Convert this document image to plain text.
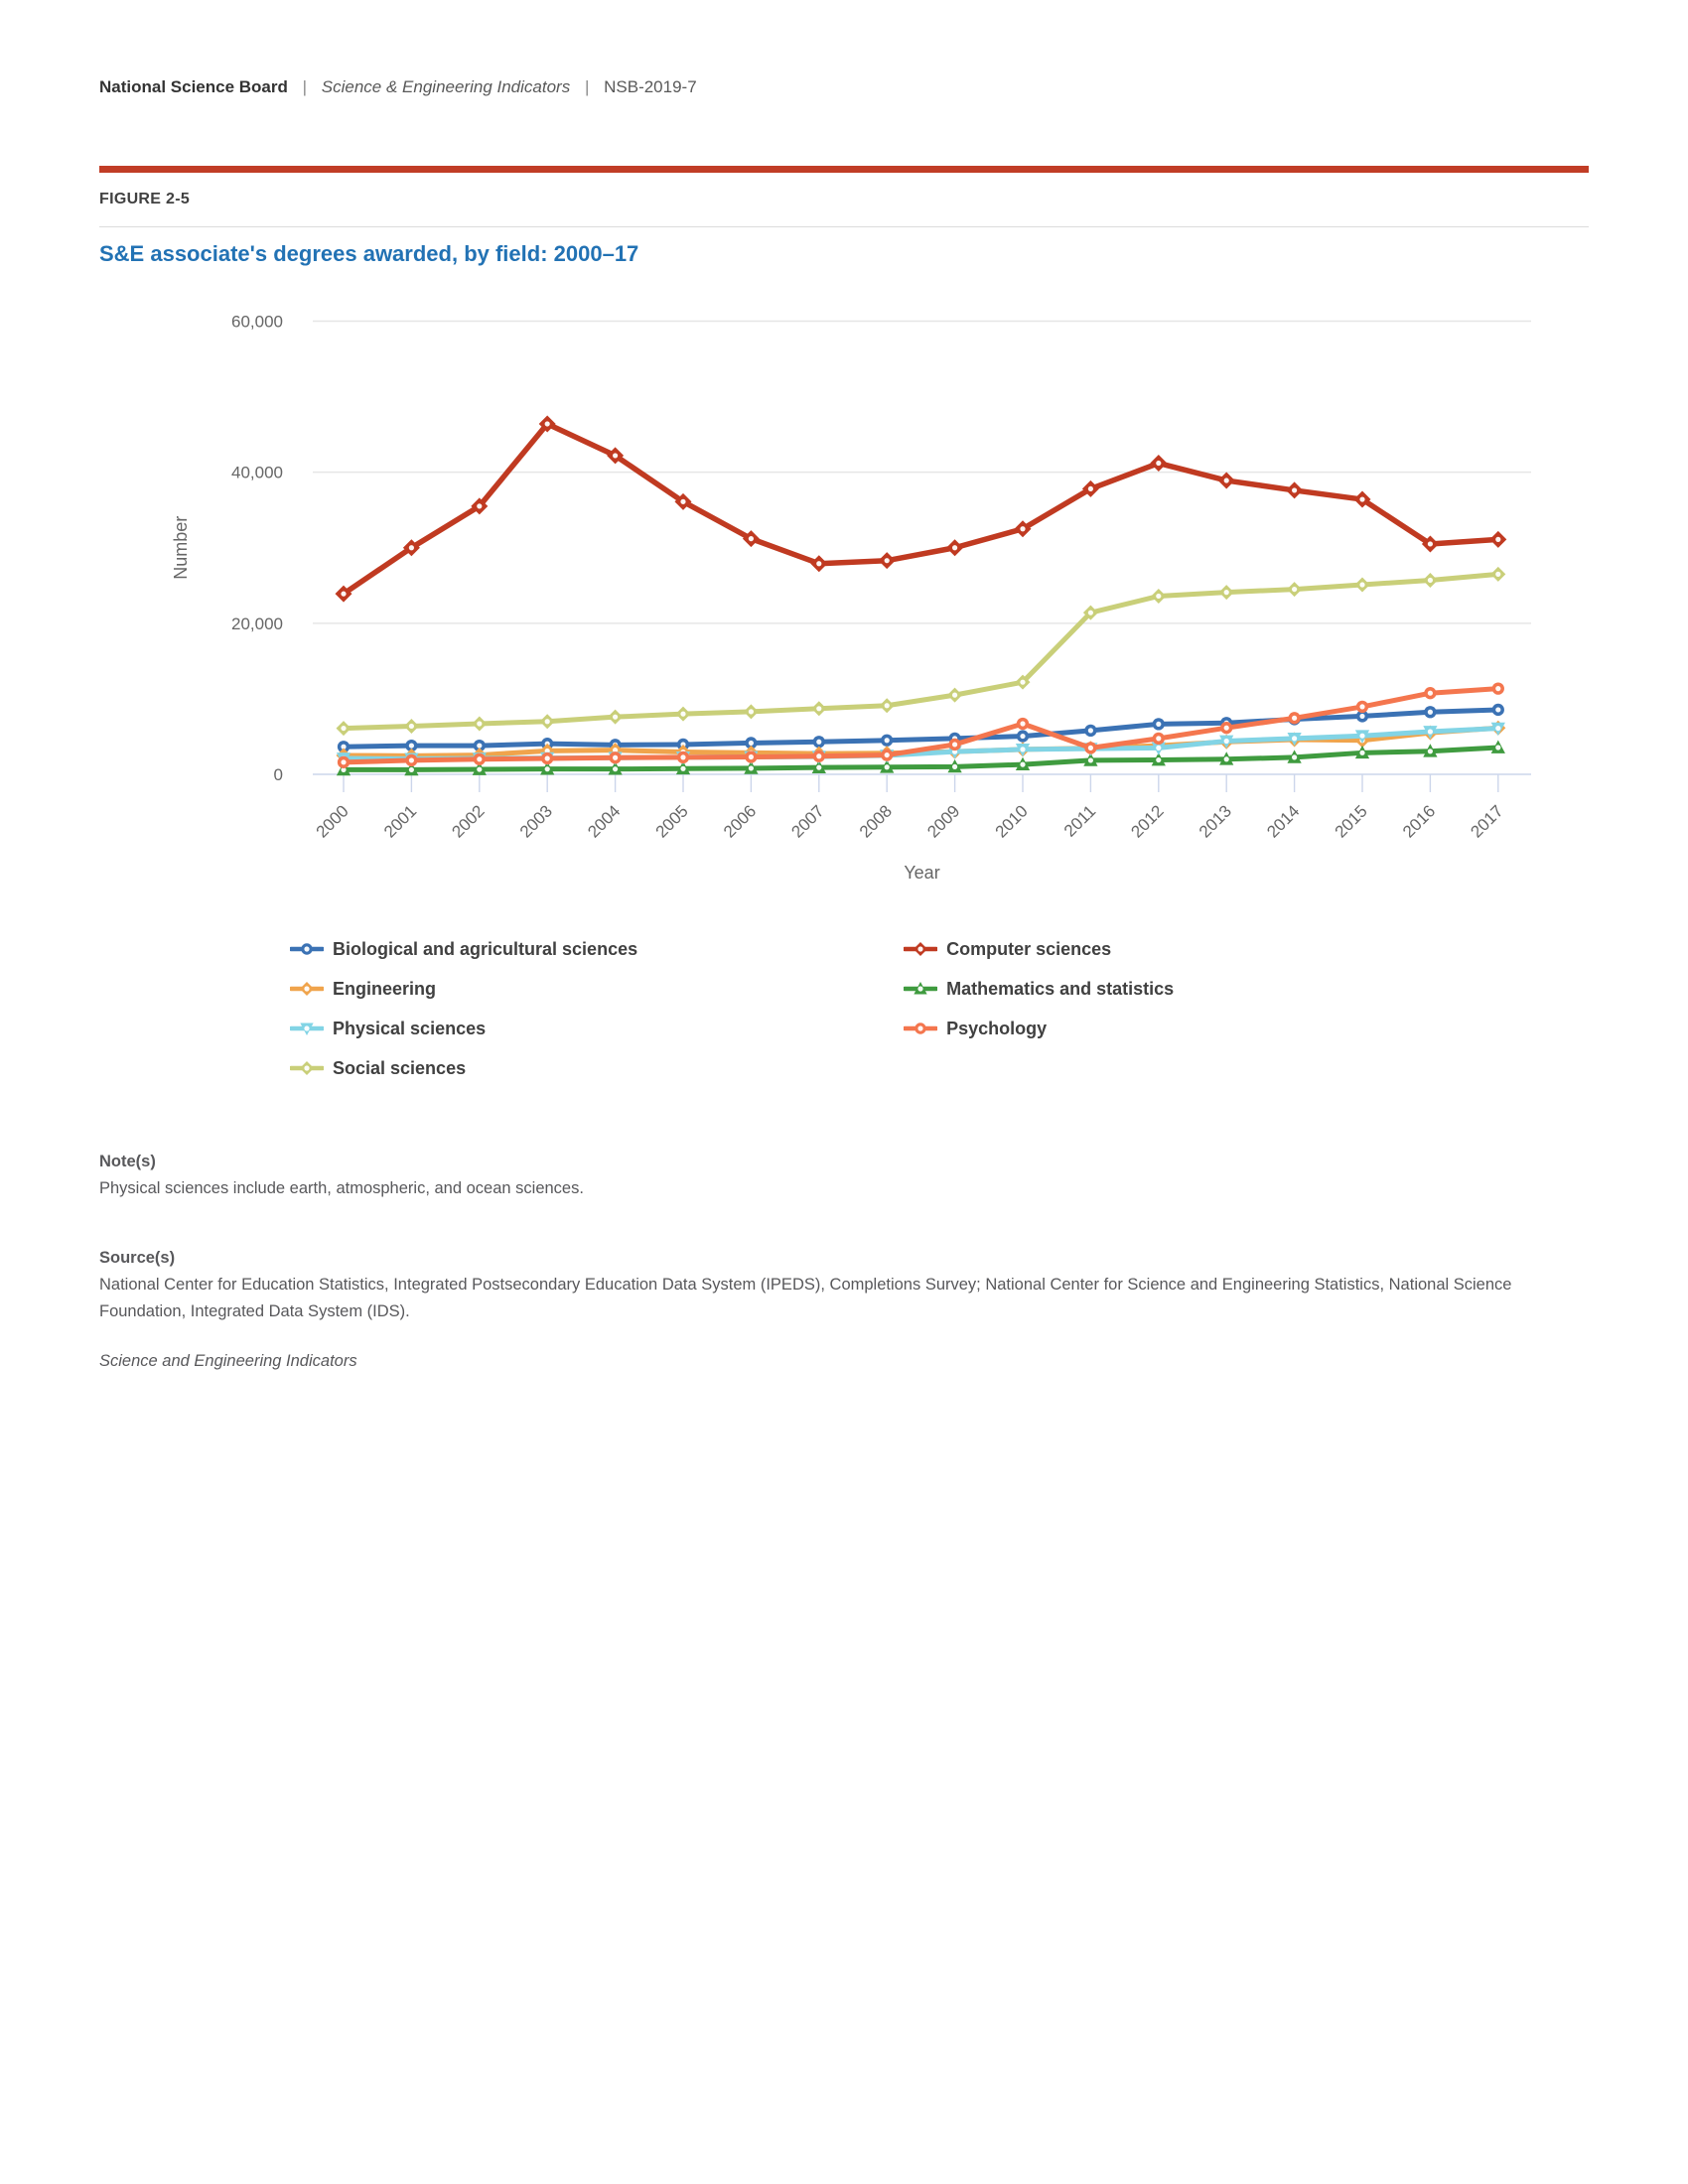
National Science Board | Science & Engineering Indicators | NSB-2019-7
FIGURE 2-5
S&E associate's degrees awarded, by field: 2000–17
0
20,000
40,000
60,000
2000 2001 2002 2003 2004 2005 2006 2007 2008 2009 2010 2011 2012 2013 2014 2015 2016 2017
Number
Year
Biological and agricultural sciences
Engineering
Physical sciences
Social sciences
Computer sciences
Mathematics and statistics
Psychology
Note(s)
Physical sciences include earth, atmospheric, and ocean sciences.
Source(s)
National Center for Education Statistics, Integrated Postsecondary Education Data System (IPEDS), Completions Survey; National Center for Science and Engineering Statistics, National Science Foundation, Integrated Data System (IDS).
Science and Engineering Indicators
